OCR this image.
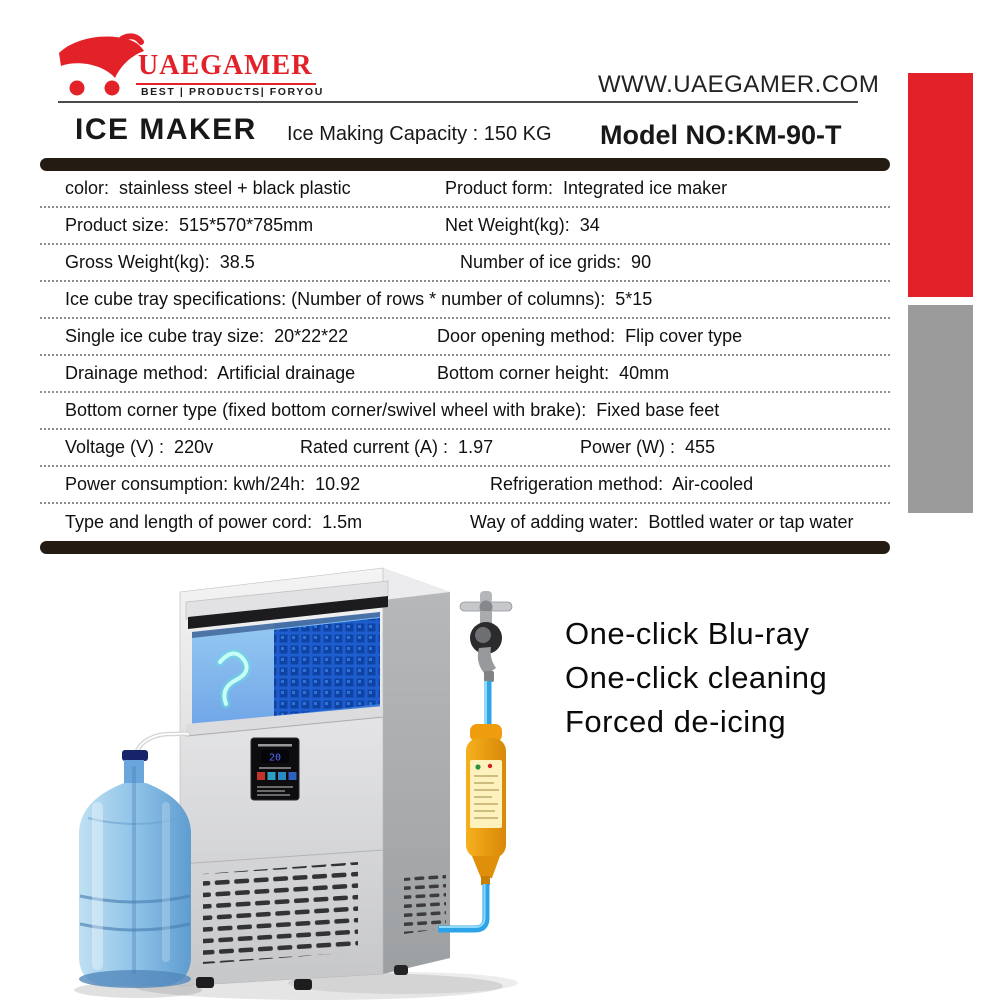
UAEGAMER
BEST | PRODUCTS| FORYOU	WWW.UAEGAMER.COM
ICE MAKER Ice Making Capacity : 150 KG Model NO:KM-90-T
color:  stainless steel + black plastic	Product form:  Integrated ice maker
Product size:  515*570*785mm	Net Weight(kg):  34
Gross Weight(kg):  38.5	Number of ice grids:  90
Ice cube tray specifications: (Number of rows * number of columns):  5*15
Single ice cube tray size:  20*22*22	Door opening method:  Flip cover type
Drainage method:  Artificial drainage	Bottom corner height:  40mm
Bottom corner type (fixed bottom corner/swivel wheel with brake):  Fixed base feet
Voltage (V) :  220v	Rated current (A) :  1.97	Power (W) :  455
Power consumption: kwh/24h:  10.92	Refrigeration method:  Air-cooled
Type and length of power cord:  1.5m	Way of adding water:  Bottled water or tap water
20
One-click Blu-ray
One-click cleaning
Forced de-icing
